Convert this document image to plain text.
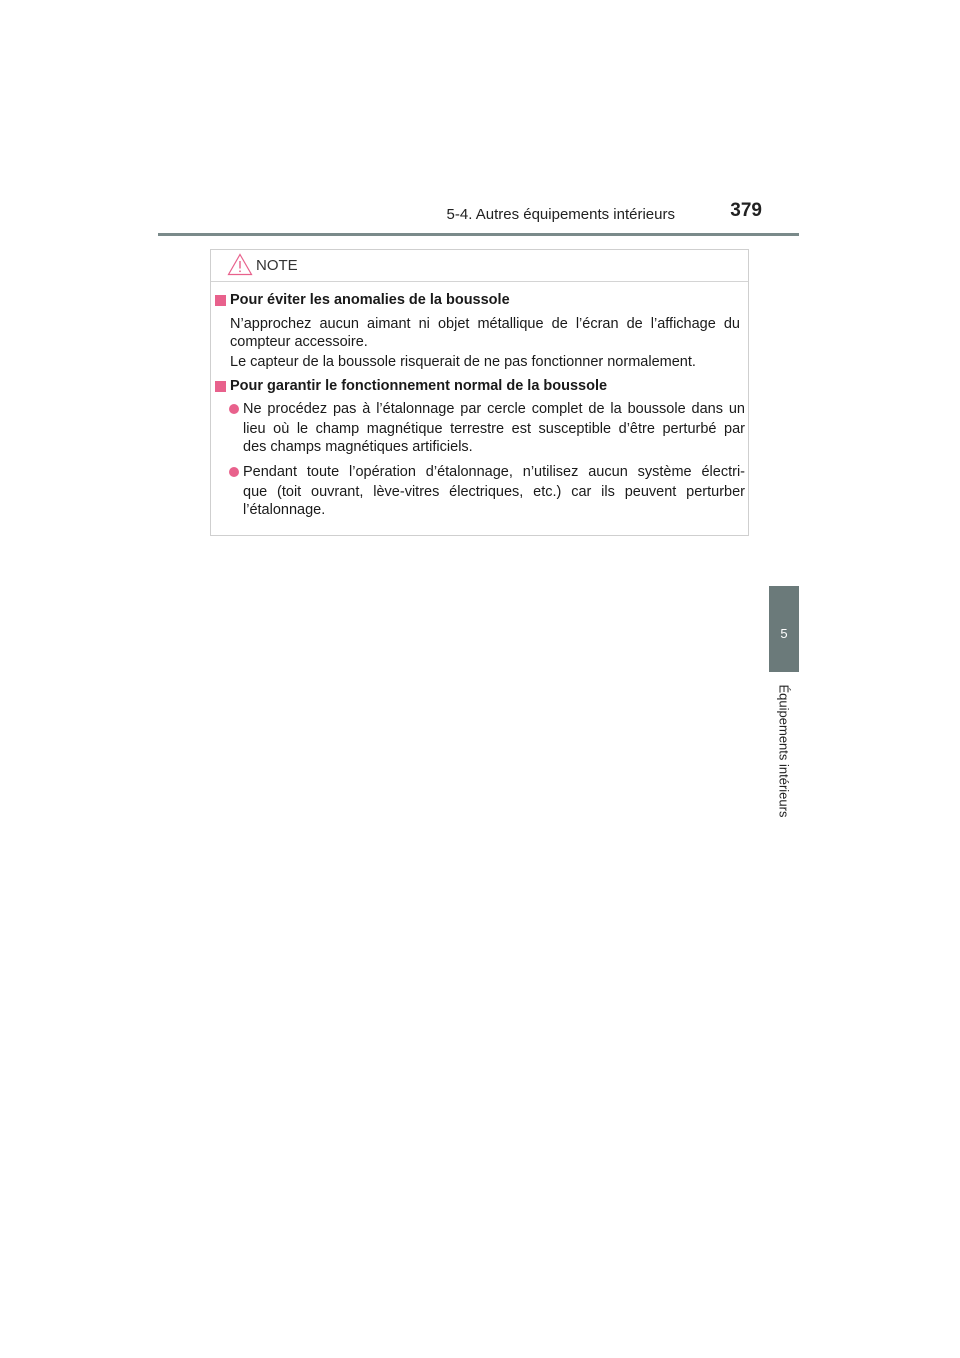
5-4. Autres équipements intérieurs	379
5
Équipements intérieurs
NOTE
Pour éviter les anomalies de la boussole
N’approchez aucun aimant ni objet métallique de l’écran de l’affichage du
compteur accessoire.
Le capteur de la boussole risquerait de ne pas fonctionner normalement.
Pour garantir le fonctionnement normal de la boussole
Ne procédez pas à l’étalonnage par cercle complet de la boussole dans un
lieu où le champ magnétique terrestre est susceptible d’être perturbé par
des champs magnétiques artificiels.
Pendant toute l’opération d’étalonnage, n’utilisez aucun système électri-
que (toit ouvrant, lève-vitres électriques, etc.) car ils peuvent perturber
l’étalonnage.
